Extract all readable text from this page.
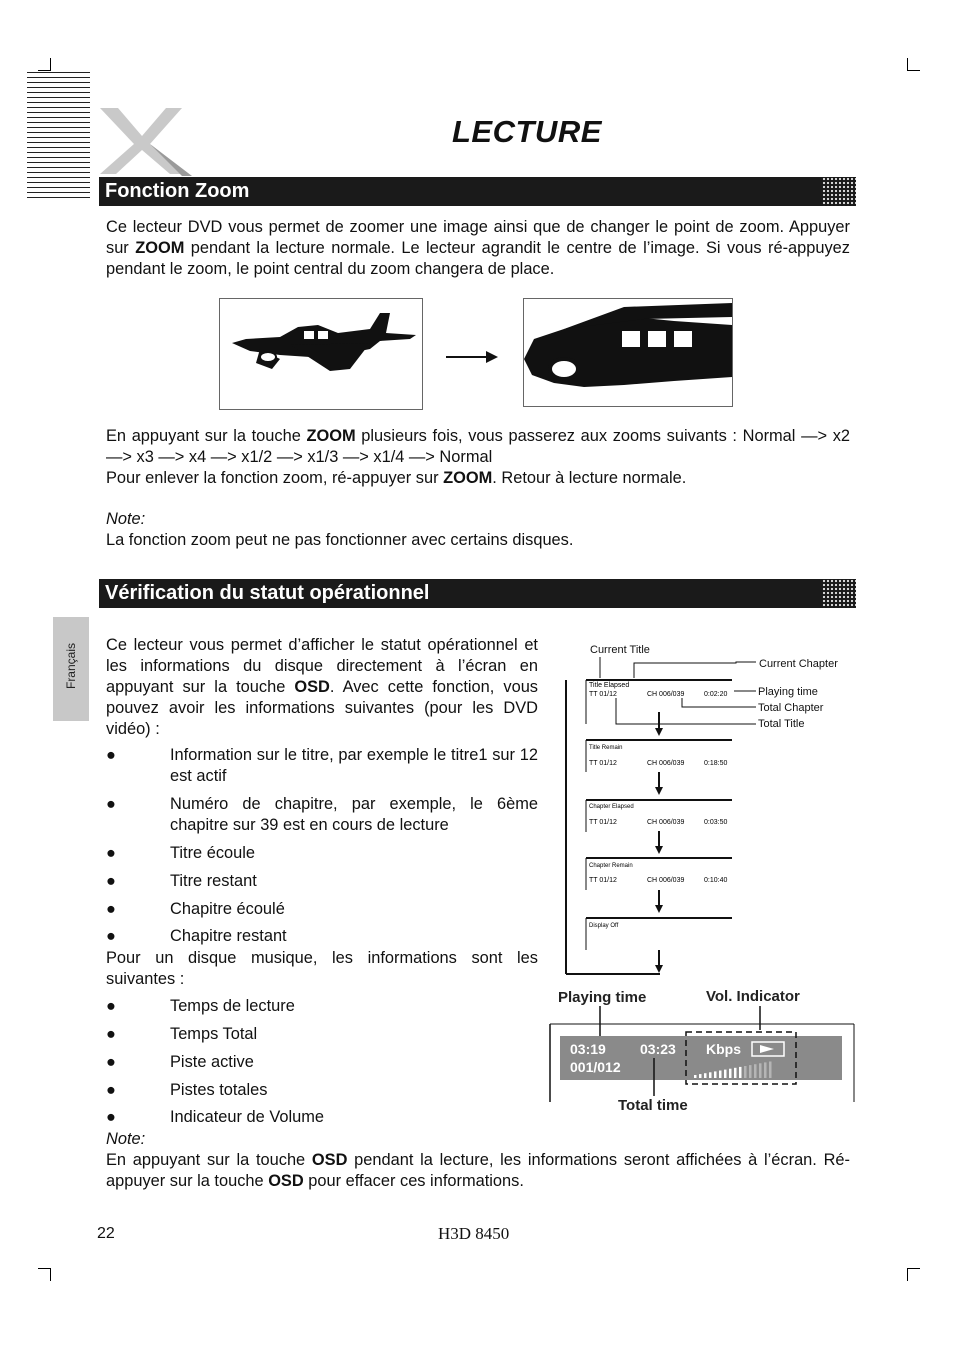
LECTURE
Fonction Zoom
Ce lecteur DVD vous permet de zoomer une image ainsi que de changer le point de zoom. Appuyer sur ZOOM pendant la lecture normale. Le lecteur agrandit le centre de l’image. Si vous ré-appuyez pendant le zoom, le point central du zoom changera de place.
En appuyant sur la touche ZOOM plusieurs fois, vous passerez aux zooms suivants : Normal —> x2 —> x3 —> x4 —> x1/2 —> x1/3 —> x1/4 —> Normal
Pour enlever la fonction zoom, ré-appuyer sur ZOOM. Retour à lecture normale.
Note:
La fonction zoom peut ne pas fonctionner avec certains disques.
Vérification du statut opérationnel
Français Ce lecteur vous permet d’afficher le statut opérationnel et les informations du disque directement à l’écran en appuyant sur la touche OSD. Avec cette fonction, vous pouvez avoir les informations suivantes (pour les DVD vidéo) :
●	Information sur le titre, par exemple le titre1 sur 12 est actif
●	Numéro de chapitre, par exemple, le 6ème chapitre sur 39 est en cours de lecture
●	Titre écoule
●	Titre restant
●	Chapitre écoulé
●	Chapitre restant
Pour un disque musique, les informations sont les suivantes :
●	Temps de lecture
●	Temps Total
●	Piste active
●	Pistes totales
●	Indicateur de Volume
Note:
En appuyant sur la touche OSD pendant la lecture, les informations seront affichées à l’écran. Ré-appuyer sur la touche OSD pour effacer ces informations.
Current Title
Current Chapter
Playing time
Total Chapter
Total Title
Title Elapsed
TT 01/12	CH 006/039	0:02:20
Title Remain
TT 01/12	CH 006/039	0:18:50
Chapter Elapsed
TT 01/12	CH 006/039	0:03:50
Chapter Remain
TT 01/12	CH 006/039	0:10:40
Display Off
Playing time	Vol. Indicator
03:19 03:23
001/012
Kbps
Total time
22	H3D 8450
